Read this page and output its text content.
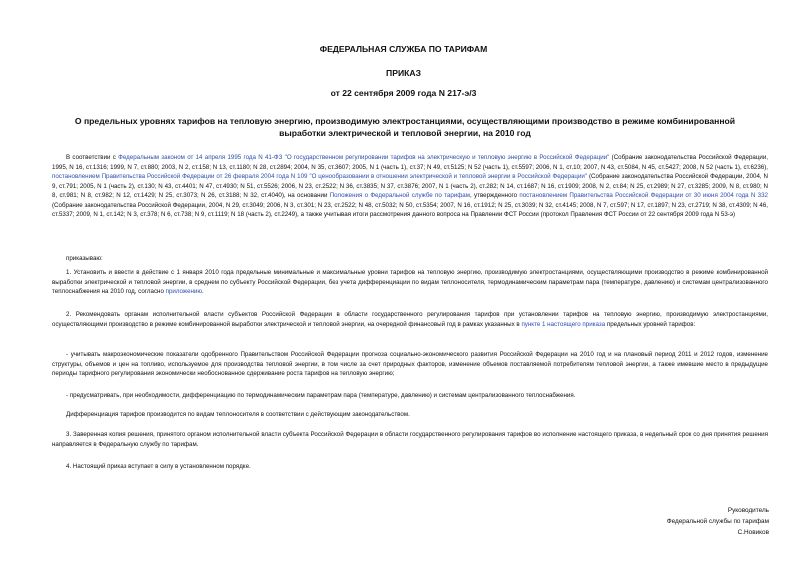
ФЕДЕРАЛЬНАЯ СЛУЖБА ПО ТАРИФАМ
ПРИКАЗ
от 22 сентября 2009 года N 217-э/3
О предельных уровнях тарифов на тепловую энергию, производимую электростанциями, осуществляющими производство в режиме комбинированной выработки электрической и тепловой энергии, на 2010 год

В соответствии с Федеральным законом от 14 апреля 1995 года N 41-ФЗ "О государственном регулировании тарифов на электрическую и тепловую энергию в Российской Федерации" (Собрание законодательства Российской Федерации, 1995, N 16, ст.1316; 1999, N 7, ст.880; 2003, N 2, ст.158; N 13, ст.1180; N 28, ст.2894; 2004, N 35, ст.3607; 2005, N 1 (часть 1), ст.37; N 49, ст.5125; N 52 (часть 1), ст.5597; 2006, N 1, ст.10; 2007, N 43, ст.5084, N 45, ст.5427; 2008, N 52 (часть 1), ст.6236), постановлением Правительства Российской Федерации от 26 февраля 2004 года N 109 "О ценообразовании в отношении электрической и тепловой энергии в Российской Федерации" (Собрание законодательства Российской Федерации, 2004, N 9, ст.791; 2005, N 1 (часть 2), ст.130; N 43, ст.4401; N 47, ст.4930; N 51, ст.5526; 2006, N 23, ст.2522; N 36, ст.3835; N 37, ст.3876; 2007, N 1 (часть 2), ст.282; N 14, ст.1687; N 16, ст.1909; 2008, N 2, ст.84; N 25, ст.2989; N 27, ст.3285; 2009, N 8, ст.980; N 8, ст.981; N 8, ст.982; N 12, ст.1429; N 25, ст.3073; N 26, ст.3188; N 32, ст.4040), на основании Положения о Федеральной службе по тарифам, утвержденного постановлением Правительства Российской Федерации от 30 июня 2004 года N 332 (Собрание законодательства Российской Федерации, 2004, N 29, ст.3049; 2006, N 3, ст.301; N 23, ст.2522; N 48, ст.5032; N 50, ст.5354; 2007, N 16, ст.1912; N 25, ст.3039; N 32, ст.4145; 2008, N 7, ст.597; N 17, ст.1897; N 23, ст.2719; N 38, ст.4309; N 46, ст.5337; 2009, N 1, ст.142; N 3, ст.378; N 6, ст.738; N 9, ст.1119; N 18 (часть 2), ст.2249), а также учитывая итоги рассмотрения данного вопроса на Правлении ФСТ России (протокол Правления ФСТ России от 22 сентября 2009 года N 53-э)

приказываю:

1. Установить и ввести в действие с 1 января 2010 года предельные минимальные и максимальные уровни тарифов на тепловую энергию, производимую электростанциями, осуществляющими производство в режиме комбинированной выработки электрической и тепловой энергии, в среднем по субъекту Российской Федерации, без учета дифференциации по видам теплоносителя, термодинамическим параметрам пара (температуре, давлению) и системам централизованного теплоснабжения на 2010 год, согласно приложению.

2. Рекомендовать органам исполнительной власти субъектов Российской Федерации в области государственного регулирования тарифов при установлении тарифов на тепловую энергию, производимую электростанциями, осуществляющими производство в режиме комбинированной выработки электрической и тепловой энергии, на очередной финансовый год в рамках указанных в пункте 1 настоящего приказа предельных уровней тарифов:

- учитывать макроэкономические показатели одобренного Правительством Российской Федерации прогноза социально-экономического развития Российской Федерации на 2010 год и на плановый период 2011 и 2012 годов, изменение структуры, объемов и цен на топливо, используемое для производства тепловой энергии, в том числе за счет природных факторов, изменение объемов поставляемой потребителям тепловой энергии, а также имевшие место в предыдущие периоды тарифного регулирования экономически необоснованное сдерживание роста тарифов на тепловую энергию;

- предусматривать, при необходимости, дифференциацию по термодинамическим параметрам пара (температуре, давлению) и системам централизованного теплоснабжения.

Дифференциация тарифов производится по видам теплоносителя в соответствии с действующим законодательством.

3. Заверенная копия решения, принятого органом исполнительной власти субъекта Российской Федерации в области государственного регулирования тарифов во исполнение настоящего приказа, в недельный срок со дня принятия решения направляется в Федеральную службу по тарифам.

4. Настоящий приказ вступает в силу в установленном порядке.

Руководитель
Федеральной службы по тарифам
С.Новиков
